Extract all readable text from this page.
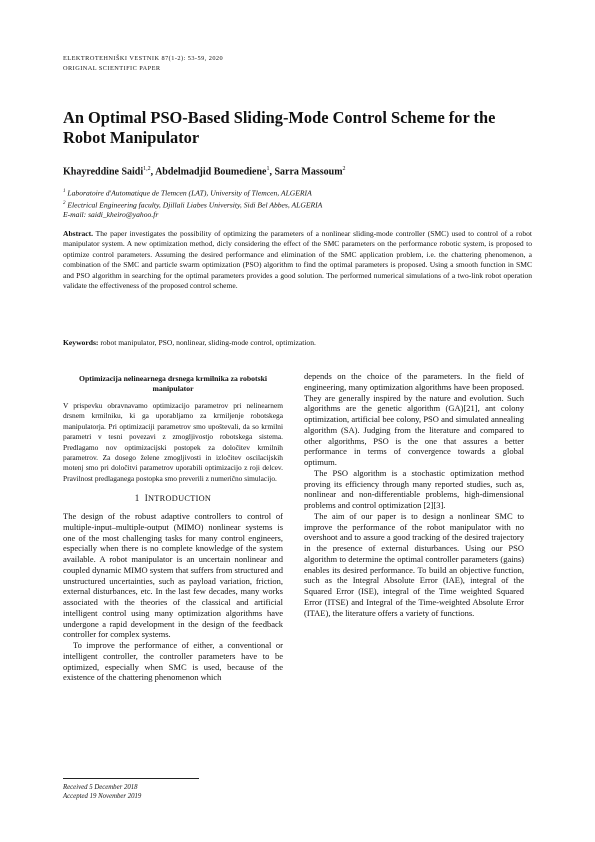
ELEKTROTEHNIŠKI VESTNIK 87(1-2): 53-59, 2020
ORIGINAL SCIENTIFIC PAPER
An Optimal PSO-Based Sliding-Mode Control Scheme for the Robot Manipulator
Khayreddine Saidi$^{1,2}$, Abdelmadjid Boumediene$^1$, Sarra Massoum$^2$
$^1$ Laboratoire d'Automatique de Tlemcen (LAT), University of Tlemcen, ALGERIA
$^2$ Electrical Engineering faculty, Djillali Liabes University, Sidi Bel Abbes, ALGERIA
E-mail: saidi_kheiro@yahoo.fr

Abstract. The paper investigates the possibility of optimizing the parameters of a nonlinear sliding-mode controller (SMC) used to control of a robot manipulator system. A new optimization method, dicly considering the effect of the SMC parameters on the performance robotic system, is proposed to optimize control parameters. Assuming the desired performance and elimination of the SMC application problem, i.e. the chattering phenomenon, a combination of the SMC and particle swarm optimization (PSO) algorithm to find the optimal parameters is proposed. Using a smooth function in SMC and PSO algorithm in searching for the optimal parameters provides a good solution. The performed numerical simulations of a two-link robot operation validate the effectiveness of the proposed control scheme.

Keywords: robot manipulator, PSO, nonlinear, sliding-mode control, optimization.

Optimizacija nelinearnega drsnega krmilnika za robotski manipulator

V prispevku obravnavamo optimizacijo parametrov pri nelinearnem drsnem krmilniku, ki ga uporabljamo za krmiljenje robotskega manipulatorja. Pri optimizaciji parametrov smo upoštevali, da so krmilni parametri v tesni povezavi z zmogljivostjo robotskega sistema. Predlagamo nov optimizacijski postopek za določitev krmilnih parametrov. Za dosego želene zmogljivosti in izločitev oscilacijskih motenj smo pri določitvi parametrov uporabili optimizacijo z roji delcev. Pravilnost predlaganega postopka smo preverili z numerično simulacijo.

1 INTRODUCTION

The design of the robust adaptive controllers to control of multiple-input–multiple-output (MIMO) nonlinear systems is one of the most challenging tasks for many control engineers, especially when there is no complete knowledge of the system available. A robot manipulator is an uncertain nonlinear and coupled dynamic MIMO system that suffers from structured and unstructured uncertainties, such as payload variation, friction, external disturbances, etc. In the last few decades, many works associated with the theories of the classical and artificial intelligent control using many optimization algorithms have undergone a rapid development in the design of the feedback controller for complex systems.

To improve the performance of either, a conventional or intelligent controller, the controller parameters have to be optimized, especially when SMC is used, because of the existence of the chattering phenomenon which

depends on the choice of the parameters. In the field of engineering, many optimization algorithms have been proposed. They are generally inspired by the nature and evolution. Such algorithms are the genetic algorithm (GA)[21], ant colony optimization, artificial bee colony, PSO and simulated annealing algorithm (SA). Judging from the literature and compared to other algorithms, PSO is the one that assures a better performance in terms of convergence towards a global optimum.

The PSO algorithm is a stochastic optimization method proving its efficiency through many reported studies, such as, nonlinear and non-differentiable problems, high-dimensional problems and control optimization [2][3].

The aim of our paper is to design a nonlinear SMC to improve the performance of the robot manipulator with no overshoot and to assure a good tracking of the desired trajectory in the presence of external disturbances. Using our PSO algorithm to determine the optimal controller parameters (gains) enables its desired performance. To build an objective function, such as the Integral Absolute Error (IAE), integral of the Squared Error (ISE), integral of the Time weighted Squared Error (ITSE) and Integral of the Time-weighted Absolute Error (ITAE), the literature offers a variety of functions.

Received 5 December 2018
Accepted 19 November 2019
